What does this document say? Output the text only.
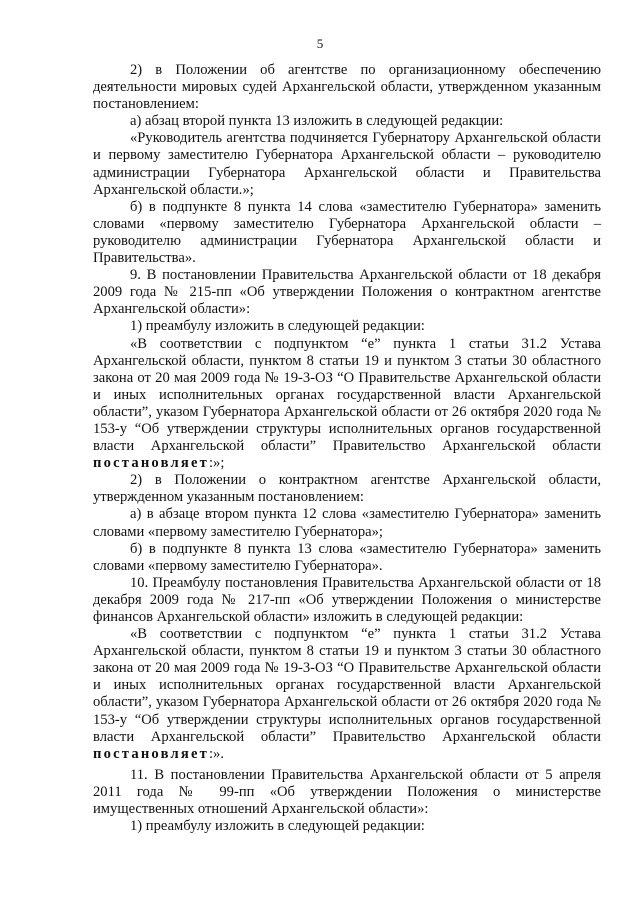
5

2) в Положении об агентстве по организационному обеспечению деятельности мировых судей Архангельской области, утвержденном указанным постановлением:

а) абзац второй пункта 13 изложить в следующей редакции:

«Руководитель агентства подчиняется Губернатору Архангельской области и первому заместителю Губернатора Архангельской области – руководителю администрации Губернатора Архангельской области и Правительства Архангельской области.»;

б) в подпункте 8 пункта 14 слова «заместителю Губернатора» заменить словами «первому заместителю Губернатора Архангельской области – руководителю администрации Губернатора Архангельской области и Правительства».

9. В постановлении Правительства Архангельской области от 18 декабря 2009 года № 215-пп «Об утверждении Положения о контрактном агентстве Архангельской области»:

1) преамбулу изложить в следующей редакции:

«В соответствии с подпунктом “е” пункта 1 статьи 31.2 Устава Архангельской области, пунктом 8 статьи 19 и пунктом 3 статьи 30 областного закона от 20 мая 2009 года № 19-3-ОЗ “О Правительстве Архангельской области и иных исполнительных органах государственной власти Архангельской области”, указом Губернатора Архангельской области от 26 октября 2020 года № 153-у “Об утверждении структуры исполнительных органов государственной власти Архангельской области” Правительство Архангельской области постановляет:»;

2) в Положении о контрактном агентстве Архангельской области, утвержденном указанным постановлением:

а) в абзаце втором пункта 12 слова «заместителю Губернатора» заменить словами «первому заместителю Губернатора»;

б) в подпункте 8 пункта 13 слова «заместителю Губернатора» заменить словами «первому заместителю Губернатора».

10. Преамбулу постановления Правительства Архангельской области от 18 декабря 2009 года № 217-пп «Об утверждении Положения о министерстве финансов Архангельской области» изложить в следующей редакции:

«В соответствии с подпунктом “е” пункта 1 статьи 31.2 Устава Архангельской области, пунктом 8 статьи 19 и пунктом 3 статьи 30 областного закона от 20 мая 2009 года № 19-3-ОЗ “О Правительстве Архангельской области и иных исполнительных органах государственной власти Архангельской области”, указом Губернатора Архангельской области от 26 октября 2020 года № 153-у “Об утверждении структуры исполнительных органов государственной власти Архангельской области” Правительство Архангельской области постановляет:».

11. В постановлении Правительства Архангельской области от 5 апреля 2011 года № 99-пп «Об утверждении Положения о министерстве имущественных отношений Архангельской области»:

1) преамбулу изложить в следующей редакции:
